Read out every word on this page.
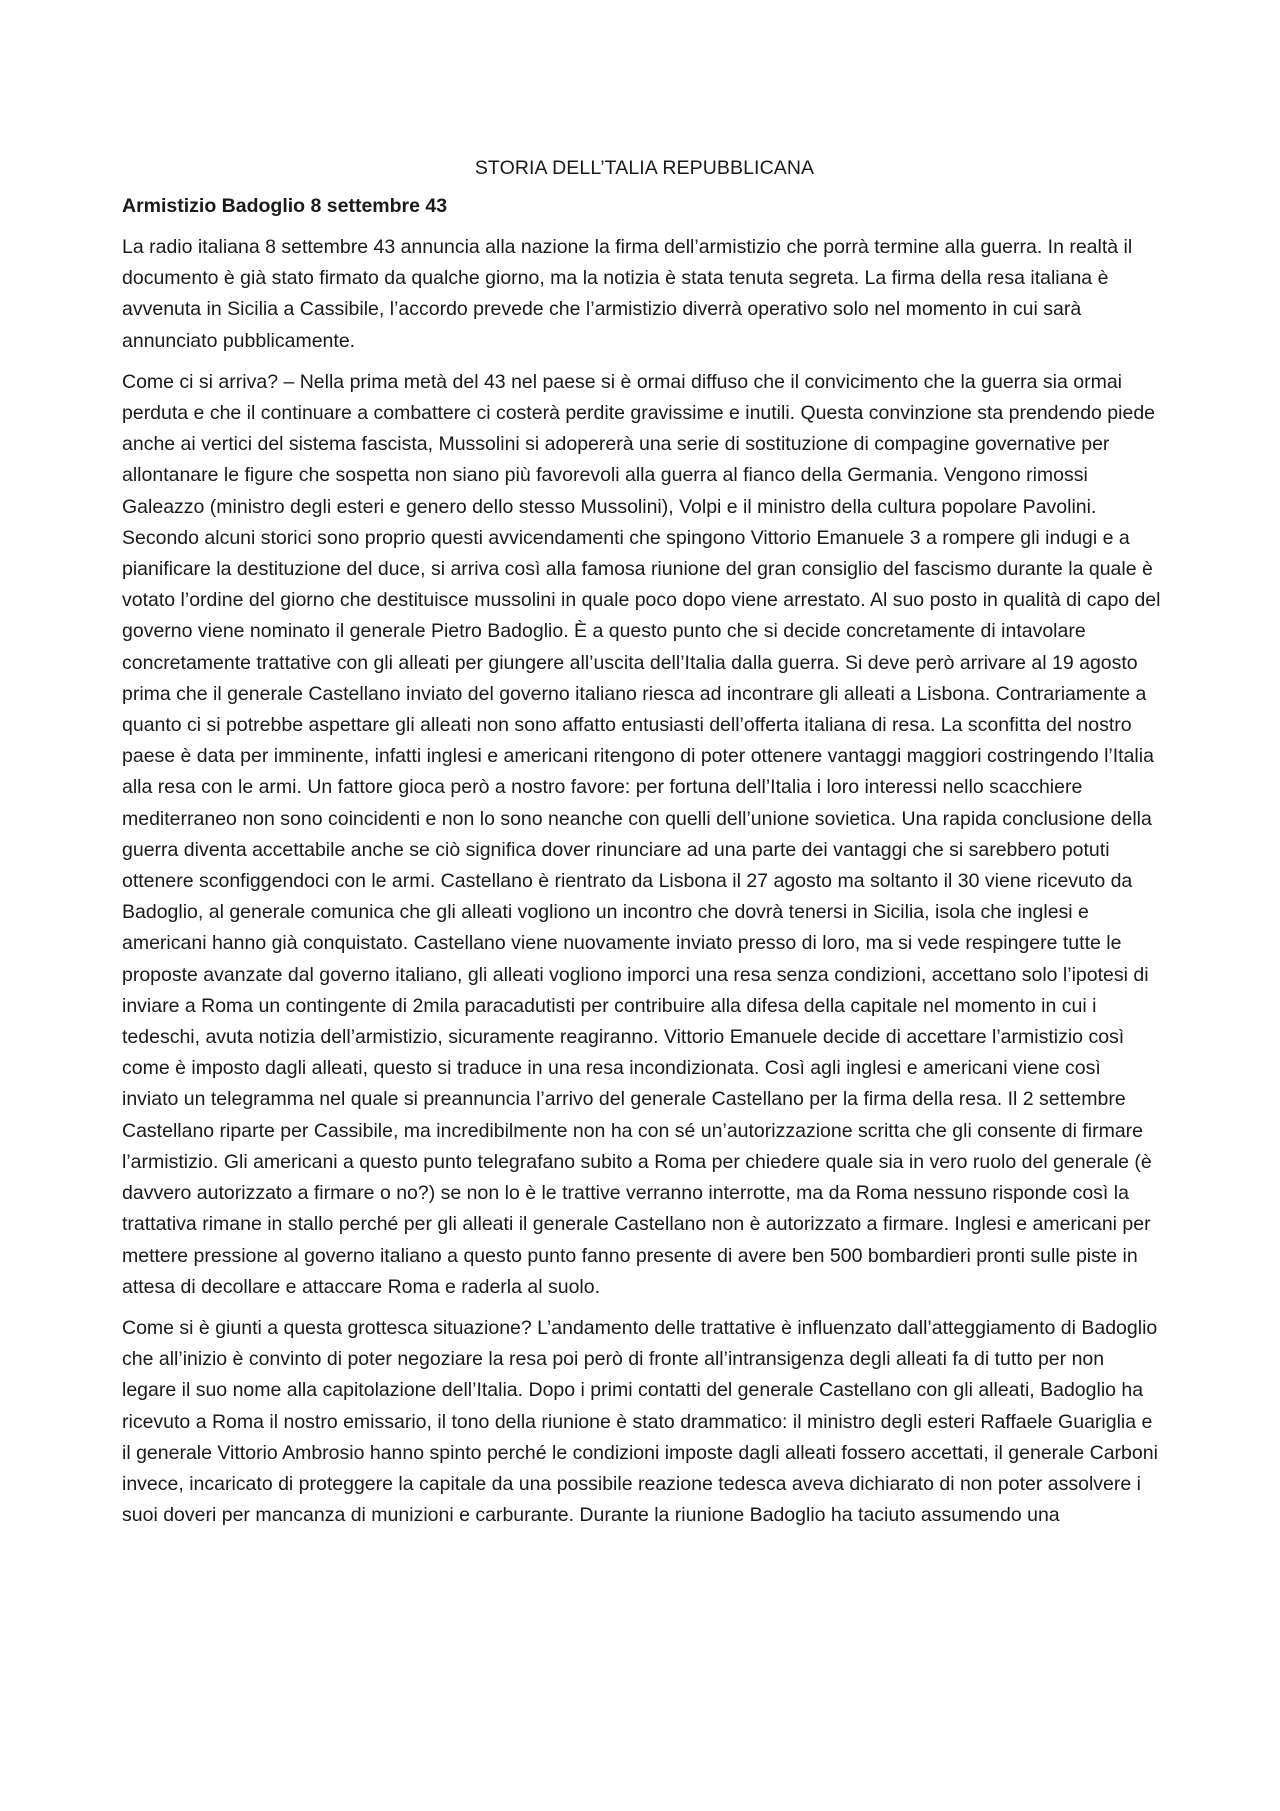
STORIA DELL’TALIA REPUBBLICANA
Armistizio Badoglio 8 settembre 43

La radio italiana 8 settembre 43 annuncia alla nazione la firma dell’armistizio che porrà termine alla guerra. In realtà il documento è già stato firmato da qualche giorno, ma la notizia è stata tenuta segreta. La firma della resa italiana è avvenuta in Sicilia a Cassibile, l’accordo prevede che l’armistizio diverrà operativo solo nel momento in cui sarà annunciato pubblicamente.

Come ci si arriva? – Nella prima metà del 43 nel paese si è ormai diffuso che il convicimento che la guerra sia ormai perduta e che il continuare a combattere ci costerà perdite gravissime e inutili. Questa convinzione sta prendendo piede anche ai vertici del sistema fascista, Mussolini si adopererà una serie di sostituzione di compagine governative per allontanare le figure che sospetta non siano più favorevoli alla guerra al fianco della Germania. Vengono rimossi Galeazzo (ministro degli esteri e genero dello stesso Mussolini), Volpi e il ministro della cultura popolare Pavolini. Secondo alcuni storici sono proprio questi avvicendamenti che spingono Vittorio Emanuele 3 a rompere gli indugi e a pianificare la destituzione del duce, si arriva così alla famosa riunione del gran consiglio del fascismo durante la quale è votato l’ordine del giorno che destituisce mussolini in quale poco dopo viene arrestato. Al suo posto in qualità di capo del governo viene nominato il generale Pietro Badoglio. È a questo punto che si decide concretamente di intavolare concretamente trattative con gli alleati per giungere all’uscita dell’Italia dalla guerra. Si deve però arrivare al 19 agosto prima che il generale Castellano inviato del governo italiano riesca ad incontrare gli alleati a Lisbona. Contrariamente a quanto ci si potrebbe aspettare gli alleati non sono affatto entusiasti dell’offerta italiana di resa. La sconfitta del nostro paese è data per imminente, infatti inglesi e americani ritengono di poter ottenere vantaggi maggiori costringendo l’Italia alla resa con le armi. Un fattore gioca però a nostro favore: per fortuna dell’Italia i loro interessi nello scacchiere mediterraneo non sono coincidenti e non lo sono neanche con quelli dell’unione sovietica. Una rapida conclusione della guerra diventa accettabile anche se ciò significa dover rinunciare ad una parte dei vantaggi che si sarebbero potuti ottenere sconfiggendoci con le armi. Castellano è rientrato da Lisbona il 27 agosto ma soltanto il 30 viene ricevuto da Badoglio, al generale comunica che gli alleati vogliono un incontro che dovrà tenersi in Sicilia, isola che inglesi e americani hanno già conquistato. Castellano viene nuovamente inviato presso di loro, ma si vede respingere tutte le proposte avanzate dal governo italiano, gli alleati vogliono imporci una resa senza condizioni, accettano solo l’ipotesi di inviare a Roma un contingente di 2mila paracadutisti per contribuire alla difesa della capitale nel momento in cui i tedeschi, avuta notizia dell’armistizio, sicuramente reagiranno. Vittorio Emanuele decide di accettare l’armistizio così come è imposto dagli alleati, questo si traduce in una resa incondizionata. Così agli inglesi e americani viene così inviato un telegramma nel quale si preannuncia l’arrivo del generale Castellano per la firma della resa. Il 2 settembre Castellano riparte per Cassibile, ma incredibilmente non ha con sé un’autorizzazione scritta che gli consente di firmare l’armistizio. Gli americani a questo punto telegrafano subito a Roma per chiedere quale sia in vero ruolo del generale (è davvero autorizzato a firmare o no?) se non lo è le trattive verranno interrotte, ma da Roma nessuno risponde così la trattativa rimane in stallo perché per gli alleati il generale Castellano non è autorizzato a firmare. Inglesi e americani per mettere pressione al governo italiano a questo punto fanno presente di avere ben 500 bombardieri pronti sulle piste in attesa di decollare e attaccare Roma e raderla al suolo.

Come si è giunti a questa grottesca situazione? L’andamento delle trattative è influenzato dall’atteggiamento di Badoglio che all’inizio è convinto di poter negoziare la resa poi però di fronte all’intransigenza degli alleati fa di tutto per non legare il suo nome alla capitolazione dell’Italia. Dopo i primi contatti del generale Castellano con gli alleati, Badoglio ha ricevuto a Roma il nostro emissario, il tono della riunione è stato drammatico: il ministro degli esteri Raffaele Guariglia e il generale Vittorio Ambrosio hanno spinto perché le condizioni imposte dagli alleati fossero accettati, il generale Carboni invece, incaricato di proteggere la capitale da una possibile reazione tedesca aveva dichiarato di non poter assolvere i suoi doveri per mancanza di munizioni e carburante. Durante la riunione Badoglio ha taciuto assumendo una
